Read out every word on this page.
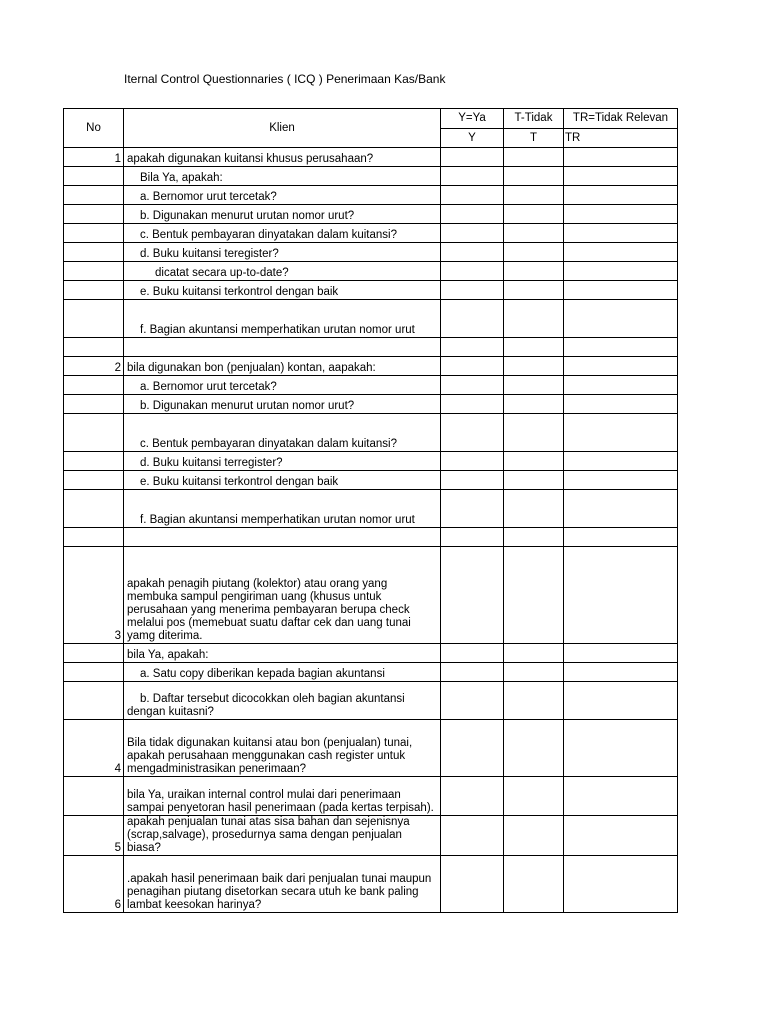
Iternal Control Questionnaries ( ICQ ) Penerimaan Kas/Bank
No	Klien	Y=Ya	T-Tidak	TR=Tidak Relevan
		Y	T	TR
1	apakah digunakan kuitansi khusus perusahaan?			
	Bila Ya, apakah:			
	a. Bernomor urut tercetak?			
	b. Digunakan menurut urutan nomor urut?			
	c. Bentuk pembayaran dinyatakan dalam kuitansi?			
	d. Buku kuitansi teregister?			
	dicatat secara up-to-date?			
	e. Buku kuitansi terkontrol dengan baik			
	f. Bagian akuntansi memperhatikan urutan nomor urut			

2	bila digunakan bon (penjualan) kontan, aapakah:			
	a. Bernomor urut tercetak?			
	b. Digunakan menurut urutan nomor urut?			
	c. Bentuk pembayaran dinyatakan dalam kuitansi?			
	d. Buku kuitansi terregister?			
	e. Buku kuitansi terkontrol dengan baik			
	f. Bagian akuntansi memperhatikan urutan nomor urut			

3	apakah penagih piutang (kolektor) atau orang yang membuka sampul pengiriman uang (khusus untuk perusahaan yang menerima pembayaran berupa check melalui pos (memebuat suatu daftar cek dan uang tunai yamg diterima.			
	bila Ya, apakah:			
	a. Satu copy diberikan kepada bagian akuntansi			
	b. Daftar tersebut dicocokkan oleh bagian akuntansi dengan kuitasni?			
4	Bila tidak digunakan kuitansi atau bon (penjualan) tunai, apakah perusahaan menggunakan cash register untuk mengadministrasikan penerimaan?			
	bila Ya, uraikan internal control mulai dari penerimaan sampai penyetoran hasil penerimaan (pada kertas terpisah).			
5	apakah penjualan tunai atas sisa bahan dan sejenisnya (scrap,salvage), prosedurnya sama dengan penjualan biasa?			
6	.apakah hasil penerimaan baik dari penjualan tunai maupun penagihan piutang disetorkan secara utuh ke bank paling lambat keesokan harinya?			
